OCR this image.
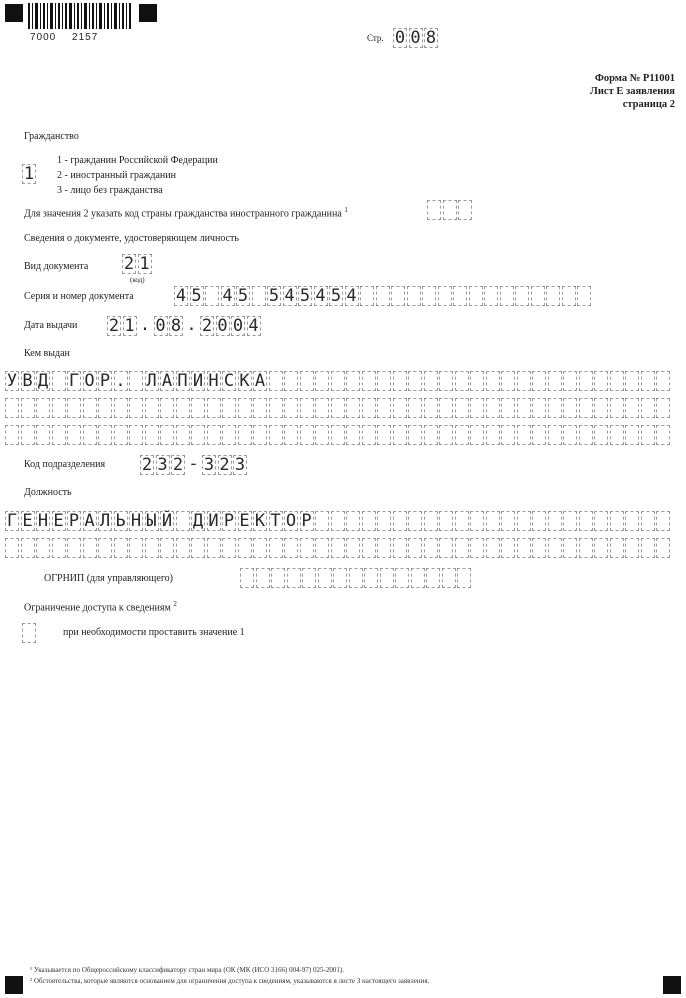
7000 2157	Стр. 0 0 8
Форма № Р11001
Лист Е заявления
страница 2
Гражданство
1
1 - гражданин Российской Федерации
2 - иностранный гражданин
3 - лицо без гражданства
Для значения 2 указать код страны гражданства иностранного гражданина $^1$
Сведения о документе, удостоверяющем личность
Вид документа 2 1
(код)
Серия и номер документа 4 5 4 5 5 4 5 4 5 4
Дата выдачи 2 1 . 0 8 . 2 0 0 4
Кем выдан
У В Д Г О Р . Л А П И Н С К А
Код подразделения 2 3 2 - 3 2 3
Должность
Г Е Н Е Р А Л Ь Н Ы Й Д И Р Е К Т О Р
ОГРНИП (для управляющего)
Ограничение доступа к сведениям $^2$
при необходимости проставить значение 1
¹ Указывается по Общероссийскому классификатору стран мира (ОК (МК (ИСО 3166) 004-97) 025-2001).
² Обстоятельства, которые являются основанием для ограничения доступа к сведениям, указываются в листе З настоящего заявления.
